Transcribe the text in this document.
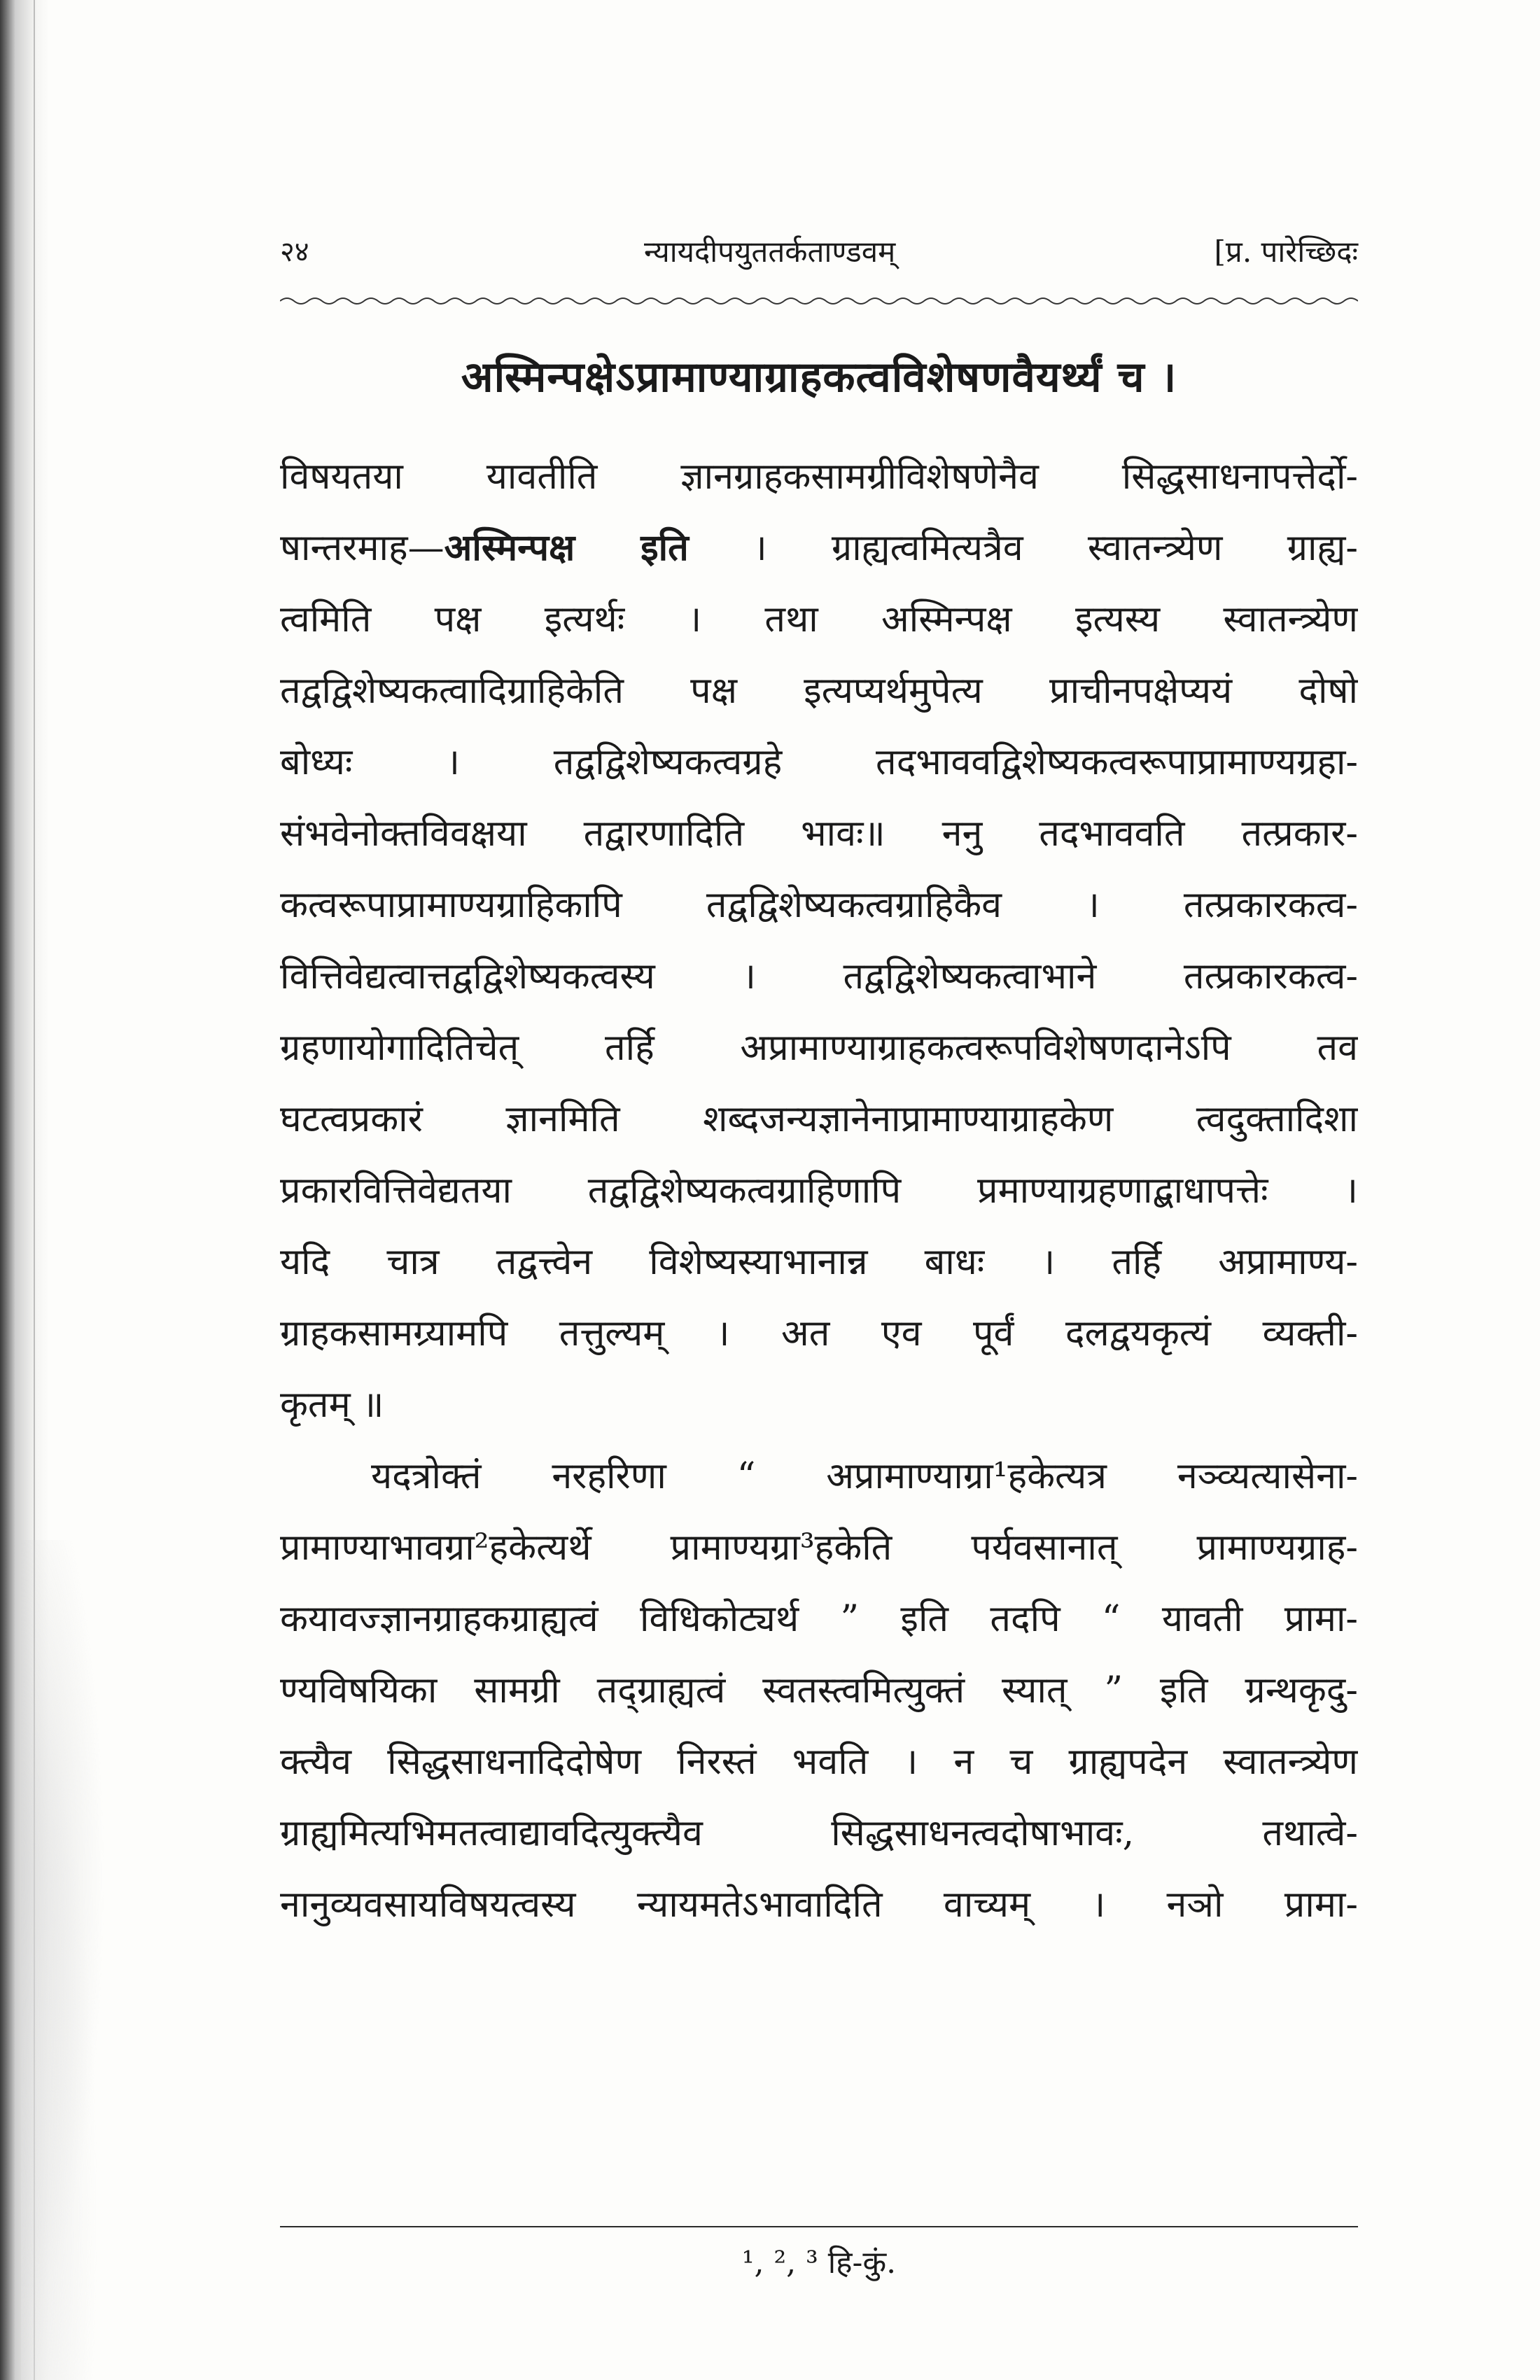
२४	न्यायदीपयुततर्कताण्डवम्	[प्र. पारेच्छिदः
अस्मिन्पक्षेऽप्रामाण्याग्राहकत्वविशेषणवैयर्थ्यं च ।
विषयतया यावतीति ज्ञानग्राहकसामग्रीविशेषणेनैव सिद्धसाधनापत्तेर्दो-
षान्तरमाह—अस्मिन्पक्ष इति । ग्राह्यत्वमित्यत्रैव स्वातन्त्र्येण ग्राह्य-
त्वमिति पक्ष इत्यर्थः । तथा अस्मिन्पक्ष इत्यस्य स्वातन्त्र्येण
तद्वद्विशेष्यकत्वादिग्राहिकेति पक्ष इत्यप्यर्थमुपेत्य प्राचीनपक्षेप्ययं दोषो
बोध्यः । तद्वद्विशेष्यकत्वग्रहे तदभाववद्विशेष्यकत्वरूपाप्रामाण्यग्रहा-
संभवेनोक्तविवक्षया तद्वारणादिति भावः॥ ननु तदभाववति तत्प्रकार-
कत्वरूपाप्रामाण्यग्राहिकापि तद्वद्विशेष्यकत्वग्राहिकैव । तत्प्रकारकत्व-
वित्तिवेद्यत्वात्तद्वद्विशेष्यकत्वस्य । तद्वद्विशेष्यकत्वाभाने तत्प्रकारकत्व-
ग्रहणायोगादितिचेत् तर्हि अप्रामाण्याग्राहकत्वरूपविशेषणदानेऽपि तव
घटत्वप्रकारं ज्ञानमिति शब्दजन्यज्ञानेनाप्रामाण्याग्राहकेण त्वदुक्तादिशा
प्रकारवित्तिवेद्यतया तद्वद्विशेष्यकत्वग्राहिणापि प्रमाण्याग्रहणाद्बाधापत्तेः ।
यदि चात्र तद्वत्त्वेन विशेष्यस्याभानान्न बाधः । तर्हि अप्रामाण्य-
ग्राहकसामग्र्यामपि तत्तुल्यम् । अत एव पूर्वं दलद्वयकृत्यं व्यक्ती-
कृतम् ॥
यदत्रोक्तं नरहरिणा “ अप्रामाण्याग्रा¹हकेत्यत्र नञ्व्यत्यासेना-
प्रामाण्याभावग्रा²हकेत्यर्थे प्रामाण्यग्रा³हकेति पर्यवसानात् प्रामाण्यग्राह-
कयावज्ज्ञानग्राहकग्राह्यत्वं विधिकोट्यर्थ ” इति तदपि “ यावती प्रामा-
ण्यविषयिका सामग्री तद्ग्राह्यत्वं स्वतस्त्वमित्युक्तं स्यात् ” इति ग्रन्थकृदु-
क्त्यैव सिद्धसाधनादिदोषेण निरस्तं भवति । न च ग्राह्यपदेन स्वातन्त्र्येण
ग्राह्यमित्यभिमतत्वाद्यावदित्युक्त्यैव सिद्धसाधनत्वदोषाभावः, तथात्वे-
नानुव्यवसायविषयत्वस्य न्यायमतेऽभावादिति वाच्यम् । नञो प्रामा-
¹, ², ³ हि-कुं.
